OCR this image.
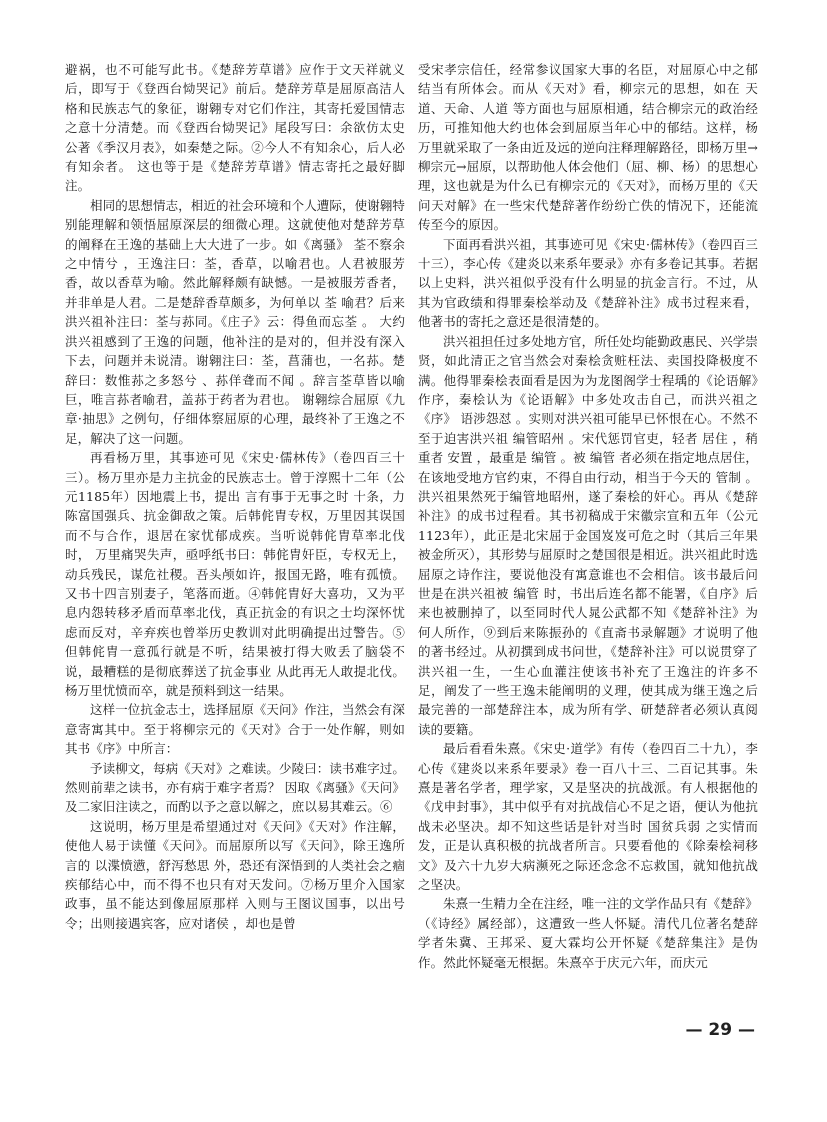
避祸，也不可能写此书。《楚辞芳草谱》应作于文天祥就义后，即写于《登西台恸哭记》前后。楚辞芳草是屈原高洁人格和民族志气的象征，谢翱专对它们作注，其寄托爱国情志之意十分清楚。而《登西台恸哭记》尾段写曰：余欲仿太史公著《季汉月表》，如秦楚之际。②今人不有知余心，后人必有知余者。 这也等于是《楚辞芳草谱》情志寄托之最好脚注。

相同的思想情志，相近的社会环境和个人遭际，使谢翱特别能理解和领悟屈原深层的细微心理。这就使他对楚辞芳草的阐释在王逸的基础上大大进了一步。如《离骚》 荃不察余之中情兮 ，王逸注曰：荃，香草，以喻君也。人君被服芳香，故以香草为喻。然此解释颇有缺憾。一是被服芳香者，并非单是人君。二是楚辞香草颇多，为何单以 荃 喻君？后来洪兴祖补注曰：荃与荪同。《庄子》云：得鱼而忘荃 。 大约洪兴祖感到了王逸的问题，他补注的是对的，但并没有深入下去，问题并未说清。谢翱注曰：荃，菖蒲也，一名荪。楚辞曰：数惟荪之多怒兮 、荪佯聋而不闻 。辞言荃草皆以喻巨，唯言荪者喻君，盖荪于药者为君也。 谢翱综合屈原《九章·抽思》之例句，仔细体察屈原的心理，最终补了王逸之不足，解决了这一问题。

再看杨万里，其事迹可见《宋史·儒林传》（卷四百三十三）。杨万里亦是力主抗金的民族志士。曾于淳熙十二年（公元1185年）因地震上书，提出 言有事于无事之时 十条，力陈富国强兵、抗金御敌之策。后韩侂胄专权，万里因其误国而不与合作，退居在家忧郁成疾。当听说韩侂胄草率北伐时， 万里痛哭失声，亟呼纸书曰：韩侂胄奸臣，专权无上，动兵残民，谋危社稷。吾头颅如许，报国无路，唯有孤愤。 又书十四言别妻子，笔落而逝。④韩侂胄好大喜功，又为平息内怨转移矛盾而草率北伐，真正抗金的有识之士均深怀忧虑而反对，辛弃疾也曾举历史教训对此明确提出过警告。⑤但韩侂胄一意孤行就是不听，结果被打得大败丢了脑袋不说，最糟糕的是彻底葬送了抗金事业 从此再无人敢提北伐。杨万里忧愤而卒，就是预料到这一结果。

这样一位抗金志士，选择屈原《天问》作注，当然会有深意寄寓其中。至于将柳宗元的《天对》合于一处作解，则如其书《序》中所言：

予读柳文，每病《天对》之难读。少陵曰：读书难字过。 然则前辈之读书，亦有病于难字者焉？ 因取《离骚》《天问》及二家旧注读之，而酌以予之意以解之，庶以易其难云。⑥

这说明，杨万里是希望通过对《天问》《天对》作注解，使他人易于读懂《天问》。而屈原所以写《天问》，除王逸所言的 以渫愤懑，舒泻愁思 外，恐还有深悟到的人类社会之痼疾郁结心中，而不得不也只有对天发问。⑦杨万里介入国家政事，虽不能达到像屈原那样 入则与王图议国事，以出号令；出则接遇宾客，应对诸侯 ，却也是曾

受宋孝宗信任，经常参议国家大事的名臣，对屈原心中之郁结当有所体会。而从《天对》看，柳宗元的思想，如在 天道、天命、人道 等方面也与屈原相通，结合柳宗元的政治经历，可推知他大约也体会到屈原当年心中的郁结。这样，杨万里就采取了一条由近及远的逆向注释理解路径，即杨万里→柳宗元→屈原，以帮助他人体会他们（屈、柳、杨）的思想心理，这也就是为什么已有柳宗元的《天对》，而杨万里的《天问天对解》在一些宋代楚辞著作纷纷亡佚的情况下，还能流传至今的原因。

下面再看洪兴祖，其事迹可见《宋史·儒林传》（卷四百三十三），李心传《建炎以来系年要录》亦有多卷记其事。若据以上史料，洪兴祖似乎没有什么明显的抗金言行。不过，从其为官政绩和得罪秦桧举动及《楚辞补注》成书过程来看，他著书的寄托之意还是很清楚的。

洪兴祖担任过多处地方官，所任处均能勤政惠民、兴学崇贤，如此清正之官当然会对秦桧贪赃枉法、卖国投降极度不满。他得罪秦桧表面看是因为为龙图阁学士程瑀的《论语解》作序，秦桧认为《论语解》中多处攻击自己，而洪兴祖之《序》 语涉怨怼 。实则对洪兴祖可能早已怀恨在心。不然不至于迫害洪兴祖 编管昭州 。宋代惩罚官吏，轻者 居住 ，稍重者 安置 ，最重是 编管 。被 编管 者必须在指定地点居住，在该地受地方官约束，不得自由行动，相当于今天的 管制 。洪兴祖果然死于编管地昭州，遂了秦桧的奸心。再从《楚辞补注》的成书过程看。其书初稿成于宋徽宗宣和五年（公元1123年），此正是北宋屈于金国岌岌可危之时（其后三年果被金所灭），其形势与屈原时之楚国很是相近。洪兴祖此时选屈原之诗作注，要说他没有寓意谁也不会相信。该书最后问世是在洪兴祖被 编管 时，书出后连名都不能署，《自序》后来也被删掉了，以至同时代人晁公武都不知《楚辞补注》为何人所作，⑨到后来陈振孙的《直斋书录解题》才说明了他的著书经过。从初撰到成书问世，《楚辞补注》可以说贯穿了洪兴祖一生，一生心血灌注使该书补充了王逸注的许多不足，阐发了一些王逸未能阐明的义理，使其成为继王逸之后最完善的一部楚辞注本，成为所有学、研楚辞者必须认真阅读的要籍。

最后看看朱熹。《宋史·道学》有传（卷四百二十九），李心传《建炎以来系年要录》卷一百八十三、二百记其事。朱熹是著名学者，理学家，又是坚决的抗战派。有人根据他的《戊申封事》，其中似乎有对抗战信心不足之语，便认为他抗战未必坚决。却不知这些话是针对当时 国贫兵弱 之实情而发，正是认真积极的抗战者所言。只要看他的《除秦桧祠移文》及六十九岁大病濒死之际还念念不忘救国，就知他抗战之坚决。

朱熹一生精力全在注经，唯一注的文学作品只有《楚辞》（《诗经》属经部），这遭致一些人怀疑。清代几位著名楚辞学者朱冀、王邦采、夏大霖均公开怀疑《楚辞集注》是伪作。然此怀疑毫无根据。朱熹卒于庆元六年，而庆元

— 29 —
